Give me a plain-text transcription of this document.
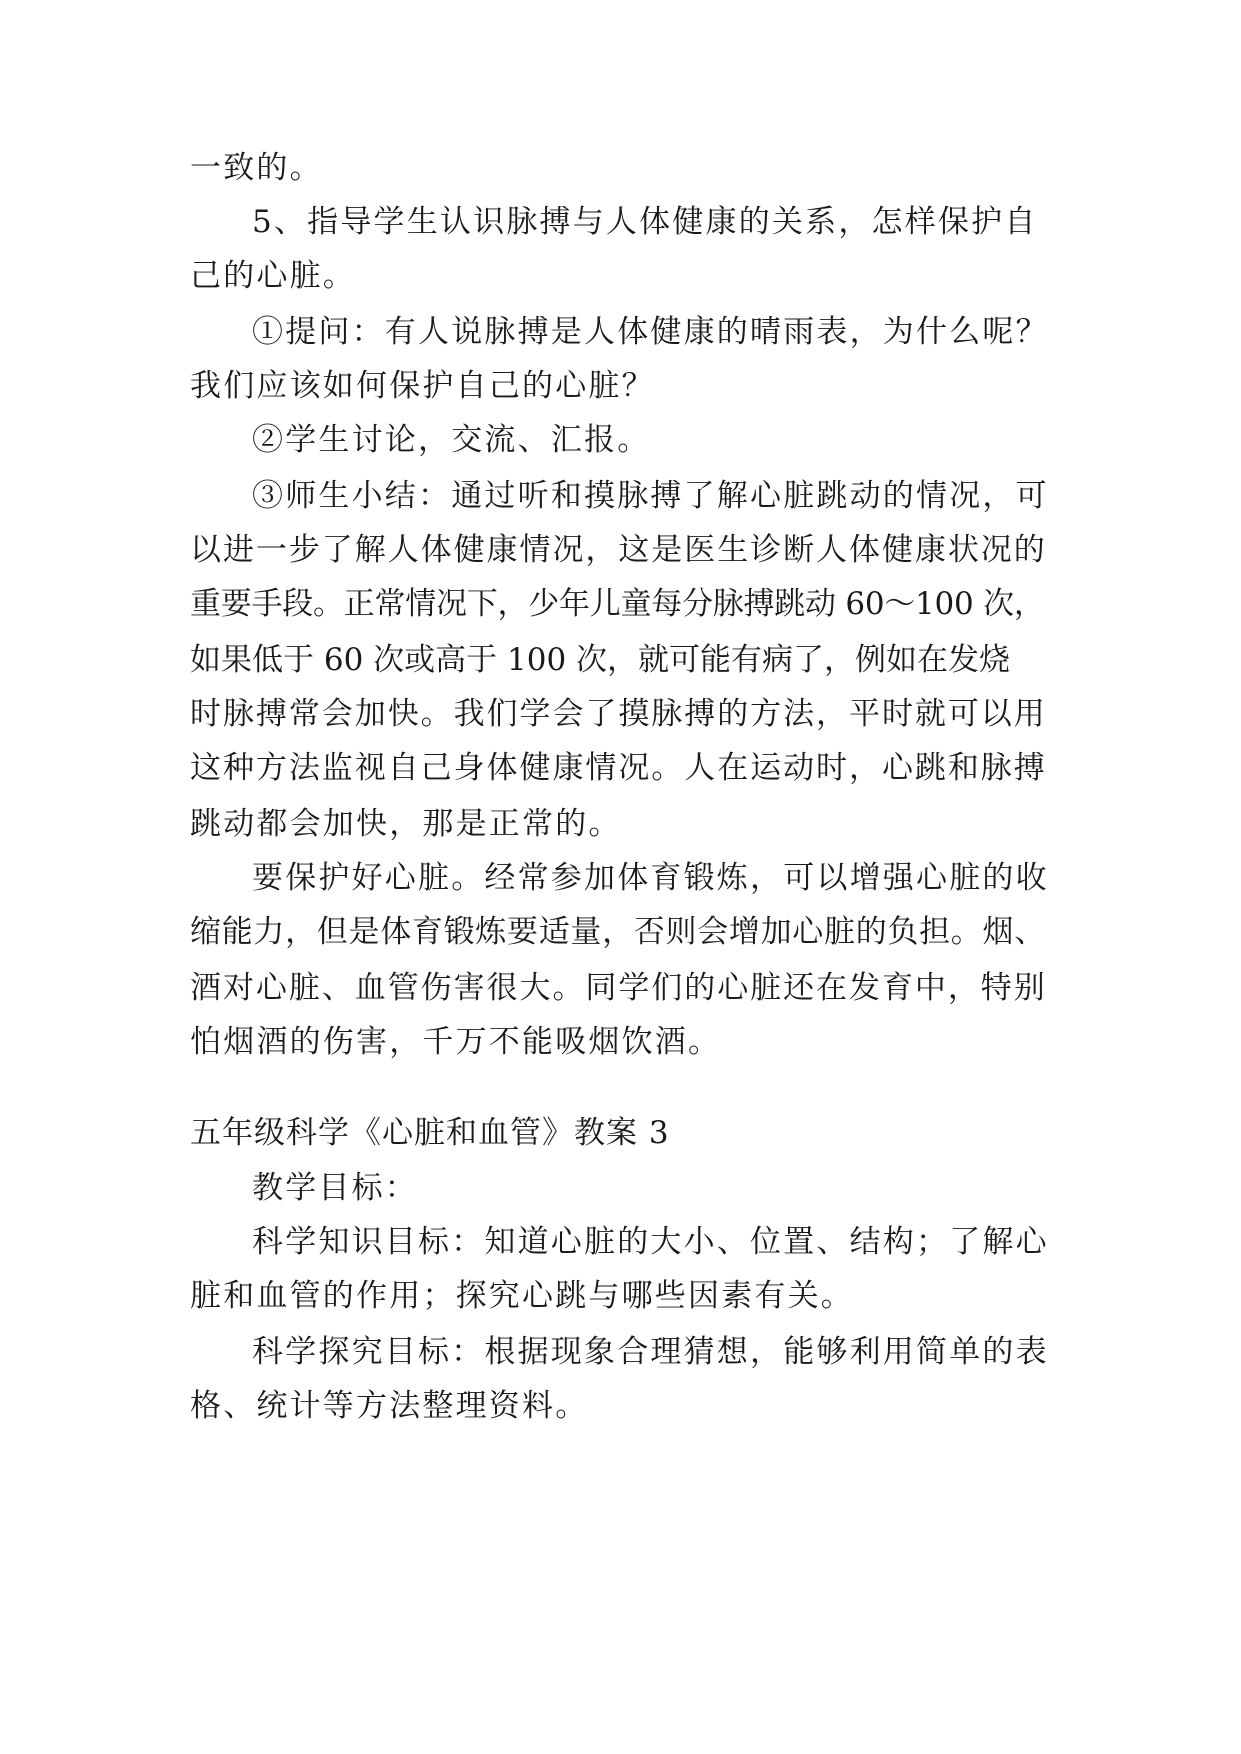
一致的。
5、指导学生认识脉搏与人体健康的关系，怎样保护自
己的心脏。
①提问：有人说脉搏是人体健康的晴雨表，为什么呢？
我们应该如何保护自己的心脏？
②学生讨论，交流、汇报。
③师生小结：通过听和摸脉搏了解心脏跳动的情况，可
以进一步了解人体健康情况，这是医生诊断人体健康状况的
重要手段。正常情况下，少年儿童每分脉搏跳动 60～100 次，
如果低于 60 次或高于 100 次，就可能有病了，例如在发烧
时脉搏常会加快。我们学会了摸脉搏的方法，平时就可以用
这种方法监视自己身体健康情况。人在运动时，心跳和脉搏
跳动都会加快，那是正常的。
要保护好心脏。经常参加体育锻炼，可以增强心脏的收
缩能力，但是体育锻炼要适量，否则会增加心脏的负担。烟、
酒对心脏、血管伤害很大。同学们的心脏还在发育中，特别
怕烟酒的伤害，千万不能吸烟饮酒。
五年级科学《心脏和血管》教案 3
教学目标：
科学知识目标：知道心脏的大小、位置、结构；了解心
脏和血管的作用；探究心跳与哪些因素有关。
科学探究目标：根据现象合理猜想，能够利用简单的表
格、统计等方法整理资料。
